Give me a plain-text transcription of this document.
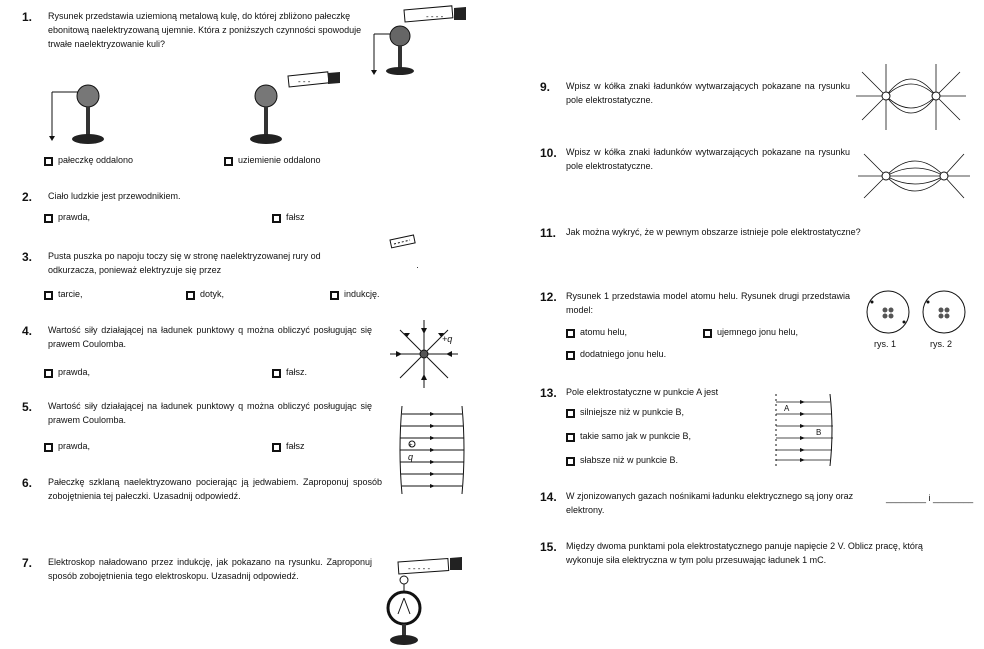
1. Rysunek przedstawia uziemioną metalową kulę, do której zbliżono pałeczkę ebonitową naelektryzowaną ujemnie. Która z poniższych czynności spowoduje trwałe naelektryzowanie kuli?
- - - -
- - -
pałeczkę oddalono	uziemienie oddalono
2. Ciało ludzkie jest przewodnikiem.
prawda,	fałsz
3. Pusta puszka po napoju toczy się w stronę naelektryzowanej rury od odkurzacza, ponieważ elektryzuje się przez	·
tarcie,	dotyk,	indukcję.
4. Wartość siły działającej na ładunek punktowy q można obliczyć posługując się prawem Coulomba.	+q
prawda,	fałsz.
5. Wartość siły działającej na ładunek punktowy q można obliczyć posługując się prawem Coulomba.
+
q
prawda,	fałsz
6. Pałeczkę szklaną naelektryzowano pocierając ją jedwabiem. Zaproponuj sposób zobojętnienia tej pałeczki. Uzasadnij odpowiedź.
7. Elektroskop naładowano przez indukcję, jak pokazano na rysunku. Zaproponuj sposób zobojętnienia tego elektroskopu. Uzasadnij odpowiedź.
- - - - -
9. Wpisz w kółka znaki ładunków wytwarzających pokazane na rysunku pole elektrostatyczne.
10. Wpisz w kółka znaki ładunków wytwarzających pokazane na rysunku pole elektrostatyczne.
11. Jak można wykryć, że w pewnym obszarze istnieje pole elektrostatyczne?
12. Rysunek 1 przedstawia model atomu helu. Rysunek drugi przedstawia model:
atomu helu,	ujemnego jonu helu,
dodatniego jonu helu.
rys. 1	rys. 2
13. Pole elektrostatyczne w punkcie A jest
silniejsze niż w punkcie B,
takie samo jak w punkcie B,
słabsze niż w punkcie B.
A
B
14. W zjonizowanych gazach nośnikami ładunku elektrycznego są jony oraz elektrony.
________ i ________
15. Między dwoma punktami pola elektrostatycznego panuje napięcie 2 V. Oblicz pracę, którą wykonuje siła elektryczna w tym polu przesuwając ładunek 1 mC.
